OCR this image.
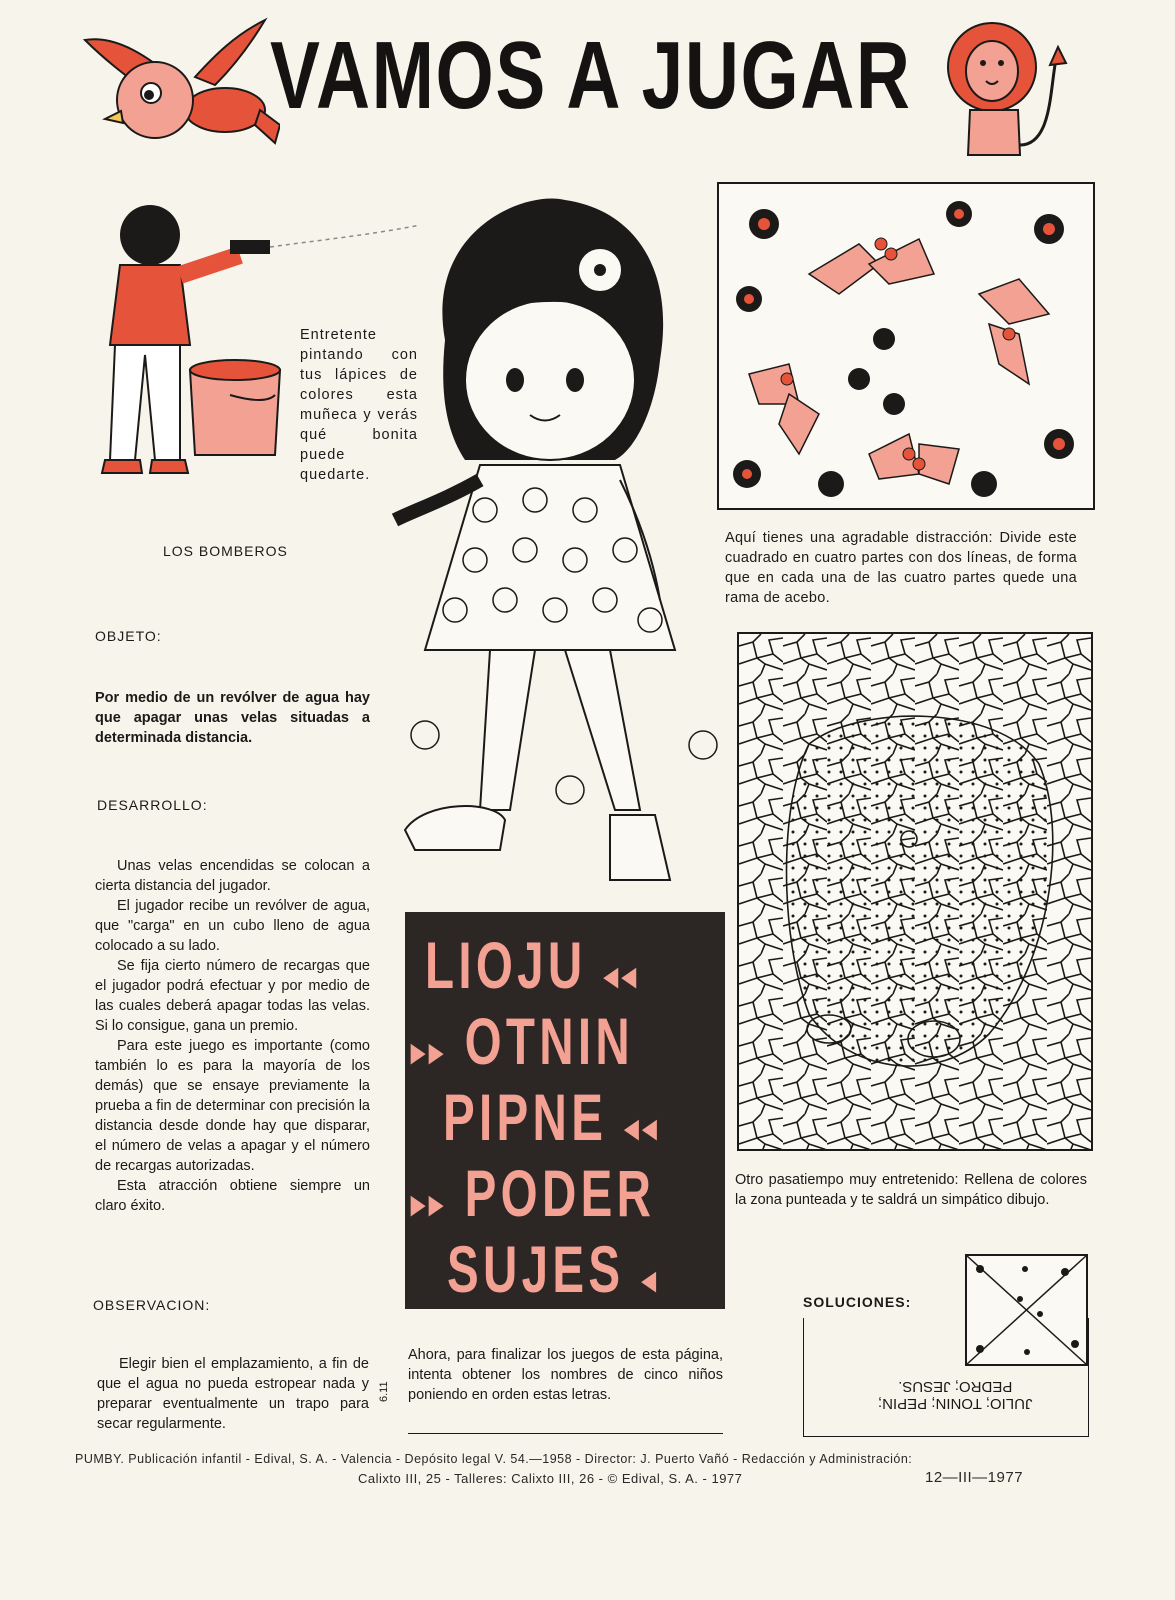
VAMOS A JUGAR
Entretente pintando con tus lápices de colores esta muñeca y verás qué bonita puede quedarte.
Aquí tienes una agradable distracción: Divide este cuadrado en cuatro partes con dos líneas, de forma que en cada una de las cuatro partes quede una rama de acebo.
Otro pasatiempo muy entretenido: Rellena de colores la zona punteada y te saldrá un simpático dibujo.
LOS BOMBEROS
OBJETO:
Por medio de un revólver de agua hay que apagar unas velas situadas a determinada distancia.
DESARROLLO:

Unas velas encendidas se colocan a cierta distancia del jugador.

El jugador recibe un revólver de agua, que "carga" en un cubo lleno de agua colocado a su lado.

Se fija cierto número de recargas que el jugador podrá efectuar y por medio de las cuales deberá apagar todas las velas. Si lo consigue, gana un premio.

Para este juego es importante (como también lo es para la mayoría de los demás) que se ensaye previamente la prueba a fin de determinar con precisión la distancia desde donde hay que disparar, el número de velas a apagar y el número de recargas autorizadas.

Esta atracción obtiene siempre un claro éxito.

OBSERVACION:

Elegir bien el emplazamiento, a fin de que el agua no pueda estropear nada y preparar eventualmente un trapo para secar regularmente.

LIOJU ◂◂
▸▸ OTNIN
PIPNE ◂◂
▸▸ PODER
SUJES ◂
6.11
Ahora, para finalizar los juegos de esta página, intenta obtener los nombres de cinco niños poniendo en orden estas letras.
SOLUCIONES:
JULIO; TONIN; PEPIN;
PEDRO; JESUS.
PUMBY. Publicación infantil - Edival, S. A. - Valencia - Depósito legal V. 54.—1958 - Director: J. Puerto Vañó - Redacción y Administración:
Calixto III, 25 - Talleres: Calixto III, 26 - © Edival, S. A. - 1977	12—III—1977
